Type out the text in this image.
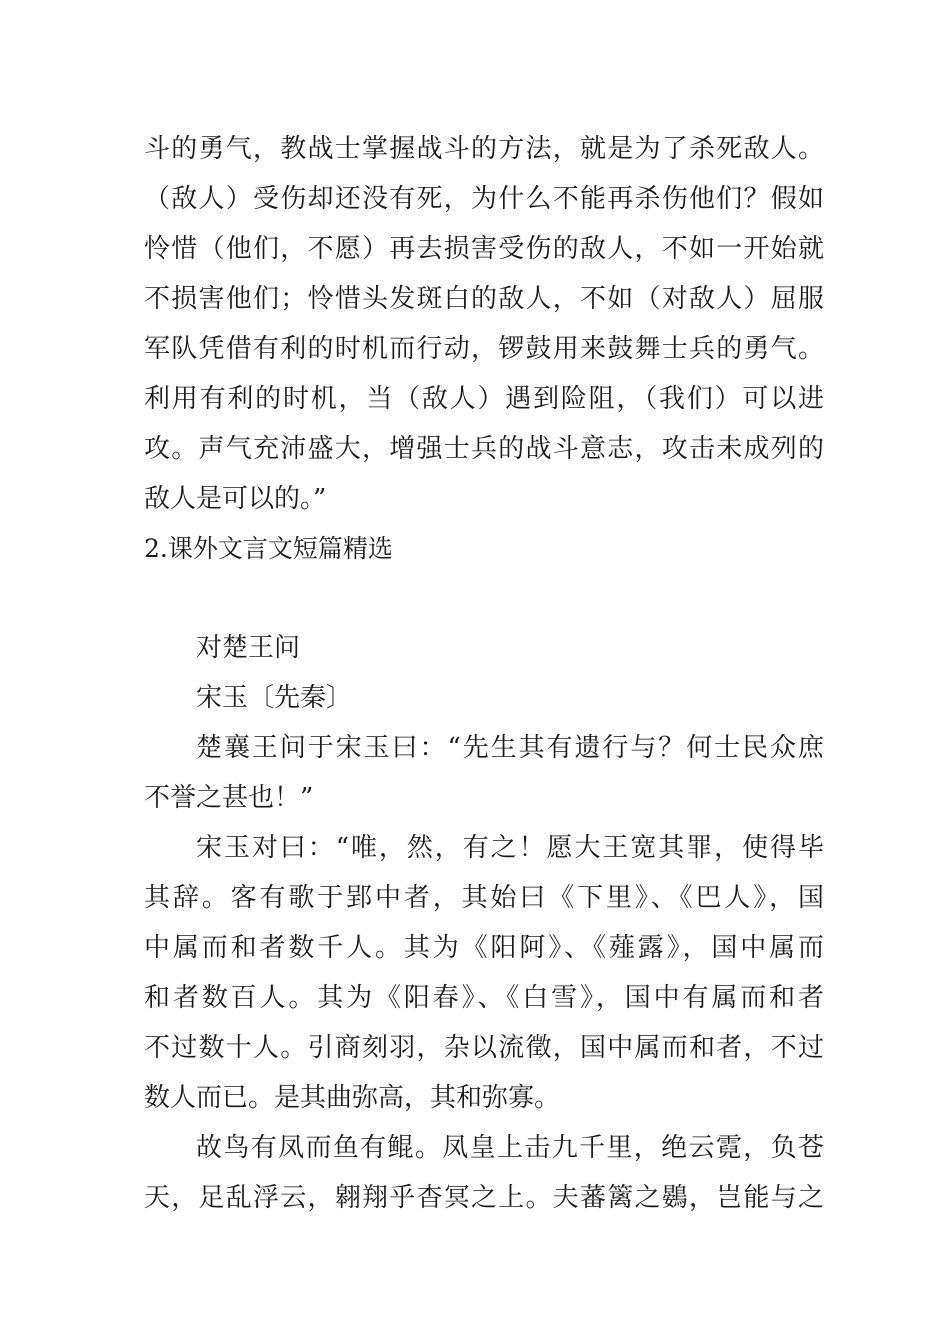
斗的勇气，教战士掌握战斗的方法，就是为了杀死敌人。
（敌人）受伤却还没有死，为什么不能再杀伤他们？假如
怜惜（他们，不愿）再去损害受伤的敌人，不如一开始就
不损害他们；怜惜头发斑白的敌人，不如（对敌人）屈服
军队凭借有利的时机而行动，锣鼓用来鼓舞士兵的勇气。
利用有利的时机，当（敌人）遇到险阻，（我们）可以进
攻。声气充沛盛大，增强士兵的战斗意志，攻击未成列的
敌人是可以的。”
2.课外文言文短篇精选
对楚王问
宋玉〔先秦〕
楚襄王问于宋玉曰：“先生其有遗行与？何士民众庶
不誉之甚也！”
宋玉对曰：“唯，然，有之！愿大王宽其罪，使得毕
其辞。客有歌于郢中者，其始曰《下里》、《巴人》，国
中属而和者数千人。其为《阳阿》、《薤露》，国中属而
和者数百人。其为《阳春》、《白雪》，国中有属而和者
不过数十人。引商刻羽，杂以流徵，国中属而和者，不过
数人而已。是其曲弥高，其和弥寡。
故鸟有凤而鱼有鲲。凤皇上击九千里，绝云霓，负苍
天，足乱浮云，翱翔乎杳冥之上。夫蕃篱之鷃，岂能与之
